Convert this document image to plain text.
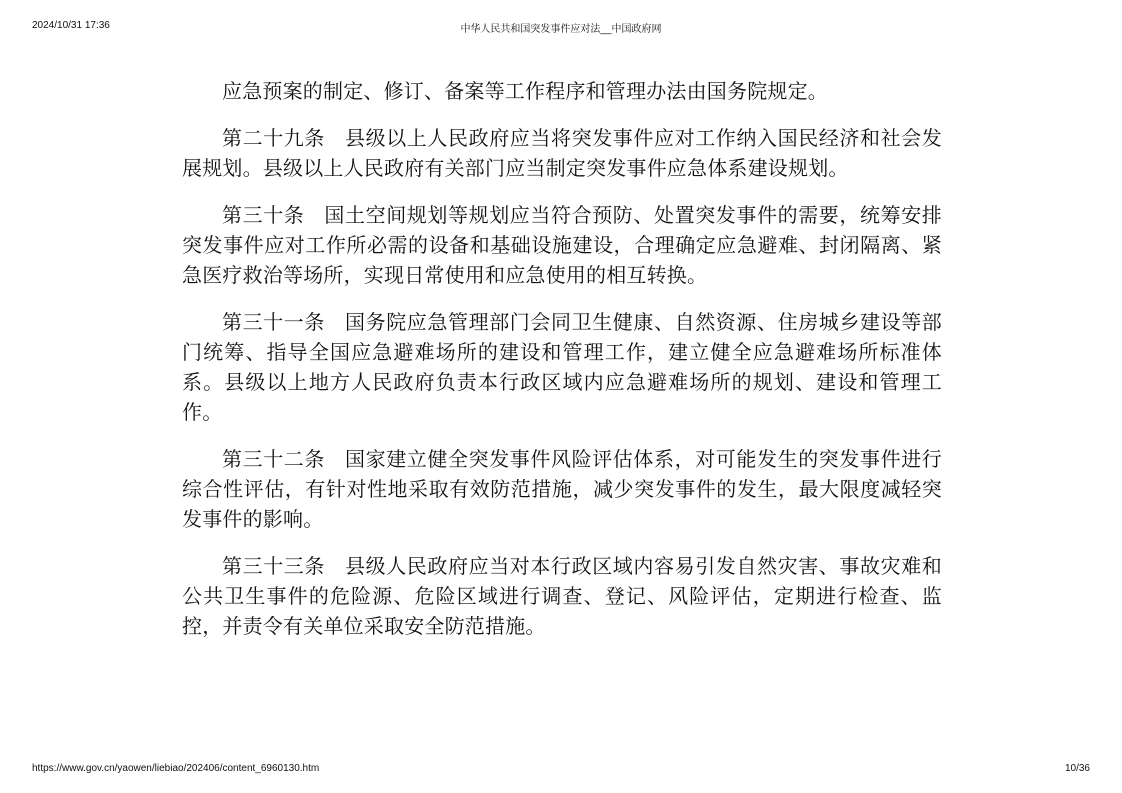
2024/10/31 17:36	中华人民共和国突发事件应对法__中国政府网

应急预案的制定、修订、备案等工作程序和管理办法由国务院规定。

第二十九条 县级以上人民政府应当将突发事件应对工作纳入国民经济和社会发展规划。县级以上人民政府有关部门应当制定突发事件应急体系建设规划。

第三十条 国土空间规划等规划应当符合预防、处置突发事件的需要，统筹安排突发事件应对工作所必需的设备和基础设施建设，合理确定应急避难、封闭隔离、紧急医疗救治等场所，实现日常使用和应急使用的相互转换。

第三十一条 国务院应急管理部门会同卫生健康、自然资源、住房城乡建设等部门统筹、指导全国应急避难场所的建设和管理工作，建立健全应急避难场所标准体系。县级以上地方人民政府负责本行政区域内应急避难场所的规划、建设和管理工作。

第三十二条 国家建立健全突发事件风险评估体系，对可能发生的突发事件进行综合性评估，有针对性地采取有效防范措施，减少突发事件的发生，最大限度减轻突发事件的影响。

第三十三条 县级人民政府应当对本行政区域内容易引发自然灾害、事故灾难和公共卫生事件的危险源、危险区域进行调查、登记、风险评估，定期进行检查、监控，并责令有关单位采取安全防范措施。

https://www.gov.cn/yaowen/liebiao/202406/content_6960130.htm	10/36
